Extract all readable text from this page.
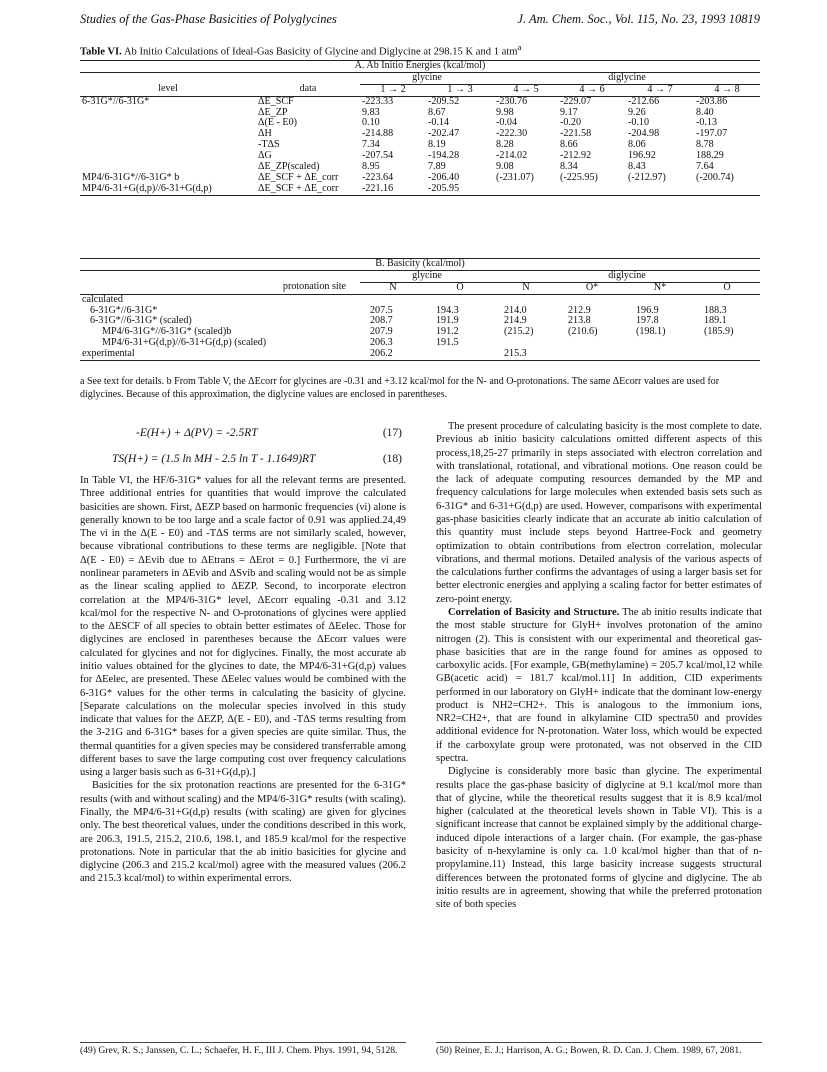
Studies of the Gas-Phase Basicities of Polyglycines	J. Am. Chem. Soc., Vol. 115, No. 23, 1993 10819
Table VI. Ab Initio Calculations of Ideal-Gas Basicity of Glycine and Diglycine at 298.15 K and 1 atm$^a$
A. Ab Initio Energies (kcal/mol)							
		glycine		diglycine			
level	data	1 → 2	1 → 3	4 → 5	4 → 6	4 → 7	4 → 8
6-31G*//6-31G*	ΔE_SCF	-223.33	-209.52	-230.76	-229.07	-212.66	-203.86
	ΔE_ZP	9.83	8.67	9.98	9.17	9.26	8.40
	Δ(E - E0)	0.10	-0.14	-0.04	-0.20	-0.10	-0.13
	ΔH	-214.88	-202.47	-222.30	-221.58	-204.98	-197.07
	-TΔS	7.34	8.19	8.28	8.66	8.06	8.78
	ΔG	-207.54	-194.28	-214.02	-212.92	196.92	188.29
	ΔE_ZP(scaled)	8.95	7.89	9.08	8.34	8.43	7.64
MP4/6-31G*//6-31G* b	ΔE_SCF + ΔE_corr	-223.64	-206.40	(-231.07)	(-225.95)	(-212.97)	(-200.74)
MP4/6-31+G(d,p)//6-31+G(d,p)	ΔE_SCF + ΔE_corr	-221.16	-205.95				
B. Basicity (kcal/mol)						
	glycine		diglycine			
protonation site	N	O	N	O*	N*	O
calculated						
6-31G*//6-31G*	207.5	194.3	214.0	212.9	196.9	188.3
6-31G*//6-31G* (scaled)	208.7	191.9	214.9	213.8	197.8	189.1
MP4/6-31G*//6-31G* (scaled)b	207.9	191.2	(215.2)	(210.6)	(198.1)	(185.9)
MP4/6-31+G(d,p)//6-31+G(d,p) (scaled)	206.3	191.5				
experimental	206.2		215.3			
a See text for details. b From Table V, the ΔEcorr for glycines are -0.31 and +3.12 kcal/mol for the N- and O-protonations. The same ΔEcorr values are used for diglycines. Because of this approximation, the diglycine values are enclosed in parentheses.
-E(H+) + Δ(PV) = -2.5RT	(17)
TS(H+) = (1.5 ln MH - 2.5 ln T - 1.1649)RT	(18)

In Table VI, the HF/6-31G* values for all the relevant terms are presented. Three additional entries for quantities that would improve the calculated basicities are shown. First, ΔEZP based on harmonic frequencies (νi) alone is generally known to be too large and a scale factor of 0.91 was applied.24,49 The νi in the Δ(E - E0) and -TΔS terms are not similarly scaled, however, because vibrational contributions to these terms are negligible. [Note that Δ(E - E0) = ΔEvib due to ΔEtrans = ΔErot = 0.] Furthermore, the νi are nonlinear parameters in ΔEvib and ΔSvib and scaling would not be as simple as the linear scaling applied to ΔEZP. Second, to incorporate electron correlation at the MP4/6-31G* level, ΔEcorr equaling -0.31 and 3.12 kcal/mol for the respective N- and O-protonations of glycines were applied to the ΔESCF of all species to obtain better estimates of ΔEelec. Those for diglycines are enclosed in parentheses because the ΔEcorr values were calculated for glycines and not for diglycines. Finally, the most accurate ab initio values obtained for the glycines to date, the MP4/6-31+G(d,p) values for ΔEelec, are presented. These ΔEelec values would be combined with the 6-31G* values for the other terms in calculating the basicity of glycine. [Separate calculations on the molecular species involved in this study indicate that values for the ΔEZP, Δ(E - E0), and -TΔS terms resulting from the 3-21G and 6-31G* bases for a given species are quite similar. Thus, the thermal quantities for a given species may be considered transferrable among different bases to save the large computing cost over frequency calculations using a larger basis such as 6-31+G(d,p).]

Basicities for the six protonation reactions are presented for the 6-31G* results (with and without scaling) and the MP4/6-31G* results (with scaling). Finally, the MP4/6-31+G(d,p) results (with scaling) are given for glycines only. The best theoretical values, under the conditions described in this work, are 206.3, 191.5, 215.2, 210.6, 198.1, and 185.9 kcal/mol for the respective protonations. Note in particular that the ab initio basicities for glycine and diglycine (206.3 and 215.2 kcal/mol) agree with the measured values (206.2 and 215.3 kcal/mol) to within experimental errors.

The present procedure of calculating basicity is the most complete to date. Previous ab initio basicity calculations omitted different aspects of this process,18,25-27 primarily in steps associated with electron correlation and with translational, rotational, and vibrational motions. One reason could be the lack of adequate computing resources demanded by the MP and frequency calculations for large molecules when extended basis sets such as 6-31G* and 6-31+G(d,p) are used. However, comparisons with experimental gas-phase basicities clearly indicate that an accurate ab initio calculation of this quantity must include steps beyond Hartree-Fock and geometry optimization to obtain contributions from electron correlation, molecular vibrations, and thermal motions. Detailed analysis of the various aspects of the calculations further confirms the advantages of using a larger basis set for better electronic energies and applying a scaling factor for better estimates of zero-point energy.

Correlation of Basicity and Structure. The ab initio results indicate that the most stable structure for GlyH+ involves protonation of the amino nitrogen (2). This is consistent with our experimental and theoretical gas-phase basicities that are in the range found for amines as opposed to carboxylic acids. [For example, GB(methylamine) = 205.7 kcal/mol,12 while GB(acetic acid) = 181.7 kcal/mol.11] In addition, CID experiments performed in our laboratory on GlyH+ indicate that the dominant low-energy product is NH2=CH2+. This is analogous to the immonium ions, NR2=CH2+, that are found in alkylamine CID spectra50 and provides additional evidence for N-protonation. Water loss, which would be expected if the carboxylate group were protonated, was not observed in the CID spectra.

Diglycine is considerably more basic than glycine. The experimental results place the gas-phase basicity of diglycine at 9.1 kcal/mol more than that of glycine, while the theoretical results suggest that it is 8.9 kcal/mol higher (calculated at the theoretical levels shown in Table VI). This is a significant increase that cannot be explained simply by the additional charge-induced dipole interactions of a larger chain. (For example, the gas-phase basicity of n-hexylamine is only ca. 1.0 kcal/mol higher than that of n-propylamine.11) Instead, this large basicity increase suggests structural differences between the protonated forms of glycine and diglycine. The ab initio results are in agreement, showing that while the preferred protonation site of both species

(49) Grev, R. S.; Janssen, C. L.; Schaefer, H. F., III J. Chem. Phys. 1991, 94, 5128.	(50) Reiner, E. J.; Harrison, A. G.; Bowen, R. D. Can. J. Chem. 1989, 67, 2081.
